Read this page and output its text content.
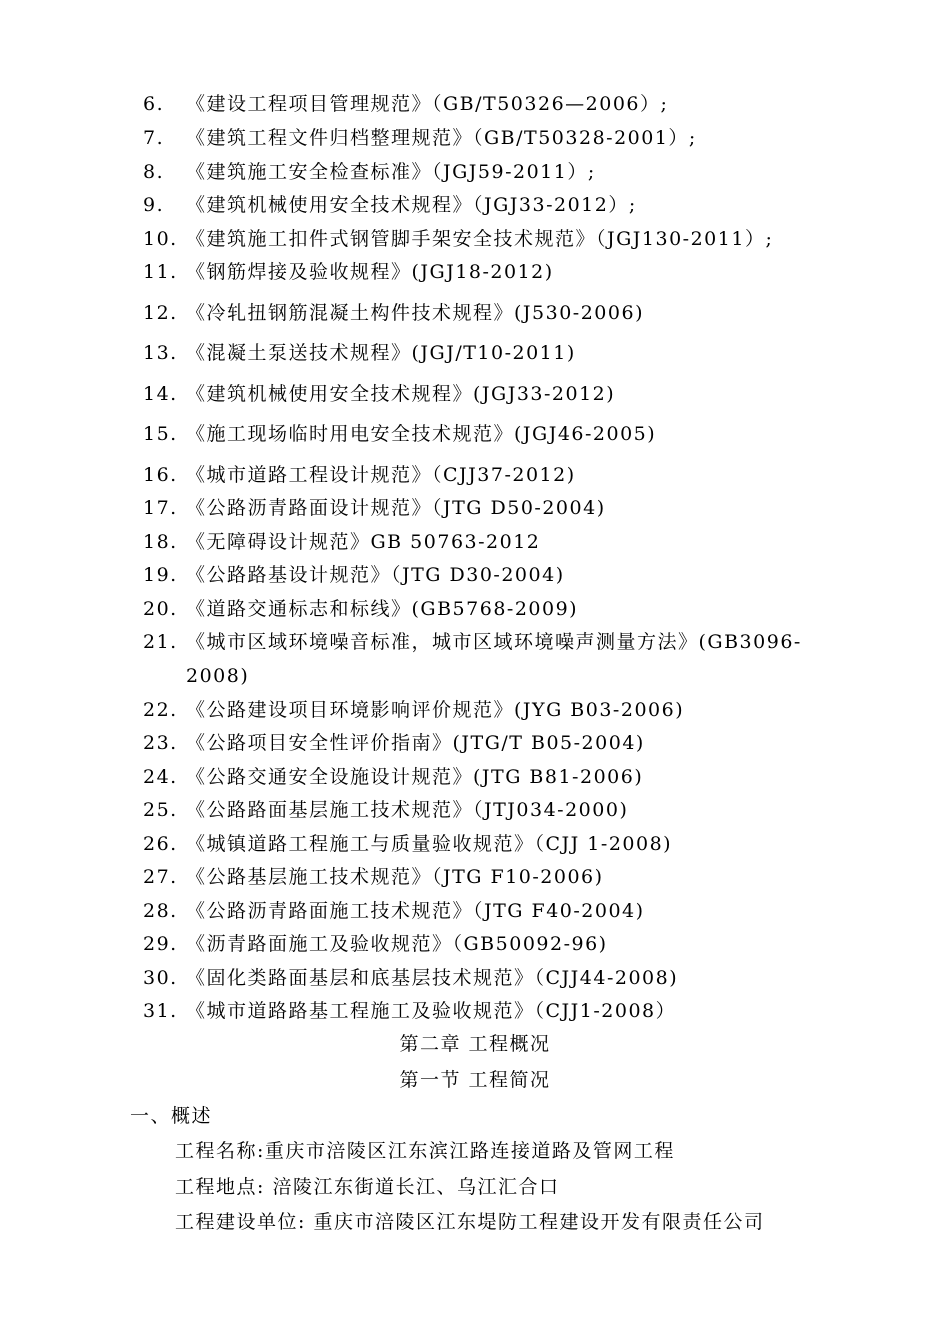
6. 《建设工程项目管理规范》（GB/T50326—2006）;
7. 《建筑工程文件归档整理规范》（GB/T50328-2001）;
8. 《建筑施工安全检查标准》（JGJ59-2011）;
9. 《建筑机械使用安全技术规程》（JGJ33-2012）;
10. 《建筑施工扣件式钢管脚手架安全技术规范》（JGJ130-2011）;
11. 《钢筋焊接及验收规程》(JGJ18-2012)
12. 《冷轧扭钢筋混凝土构件技术规程》(J530-2006)
13. 《混凝土泵送技术规程》(JGJ/T10-2011)
14. 《建筑机械使用安全技术规程》(JGJ33-2012)
15. 《施工现场临时用电安全技术规范》(JGJ46-2005)
16. 《城市道路工程设计规范》（CJJ37-2012)
17. 《公路沥青路面设计规范》（JTG D50-2004)
18. 《无障碍设计规范》GB 50763-2012
19. 《公路路基设计规范》（JTG D30-2004)
20. 《道路交通标志和标线》(GB5768-2009)
21. 《城市区域环境噪音标准，城市区域环境噪声测量方法》(GB3096-
2008)
22. 《公路建设项目环境影响评价规范》(JYG B03-2006)
23. 《公路项目安全性评价指南》(JTG/T B05-2004)
24. 《公路交通安全设施设计规范》(JTG B81-2006)
25. 《公路路面基层施工技术规范》（JTJ034-2000)
26. 《城镇道路工程施工与质量验收规范》（CJJ 1-2008)
27. 《公路基层施工技术规范》（JTG F10-2006)
28. 《公路沥青路面施工技术规范》（JTG F40-2004)
29. 《沥青路面施工及验收规范》（GB50092-96)
30. 《固化类路面基层和底基层技术规范》（CJJ44-2008)
31. 《城市道路路基工程施工及验收规范》（CJJ1-2008）
第二章 工程概况
第一节 工程简况
一、概述
工程名称:重庆市涪陵区江东滨江路连接道路及管网工程
工程地点: 涪陵江东街道长江、乌江汇合口
工程建设单位: 重庆市涪陵区江东堤防工程建设开发有限责任公司
